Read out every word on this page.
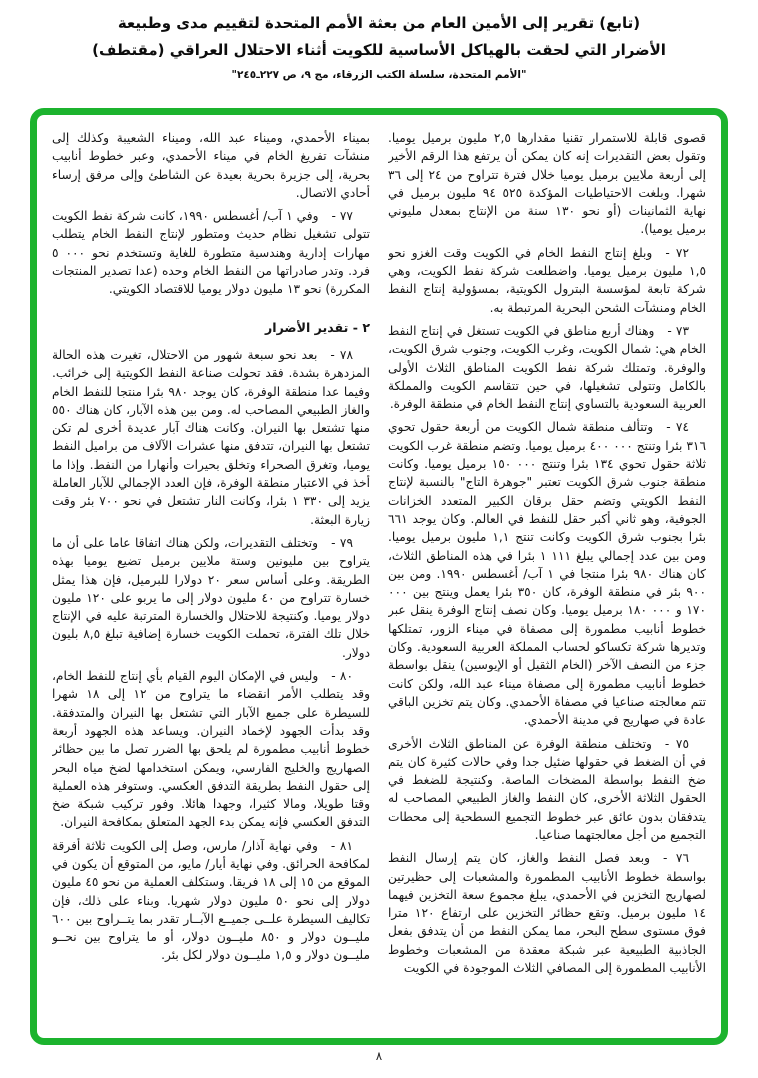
(تابع) تقرير إلى الأمين العام من بعثة الأمم المتحدة لتقييم مدى وطبيعة
الأضرار التي لحقت بالهياكل الأساسية للكويت أثناء الاحتلال العراقي (مقتطف)
"الأمم المتحدة، سلسلة الكتب الزرقاء، مج ٩، ص ٢٢٧ـ٢٤٥"

قصوى قابلة للاستمرار تقنيا مقدارها ٢,٥ مليون برميل يوميا. وتقول بعض التقديرات إنه كان يمكن أن يرتفع هذا الرقم الأخير إلى أربعة ملايين برميل يوميا خلال فترة تتراوح من ٢٤ إلى ٣٦ شهرا. وبلغت الاحتياطيات المؤكدة ٥٢٥ ٩٤ مليون برميل في نهاية الثمانينات (أو نحو ١٣٠ سنة من الإنتاج بمعدل مليوني برميل يوميا).

٧٢ -وبلغ إنتاج النفط الخام في الكويت وقت الغزو نحو ١,٥ مليون برميل يوميا. واضطلعت شركة نفط الكويت، وهي شركة تابعة لمؤسسة البترول الكويتية، بمسؤولية إنتاج النفط الخام ومنشآت الشحن البحرية المرتبطة به.

٧٣ -وهناك أربع مناطق في الكويت تستغل في إنتاج النفط الخام هي: شمال الكويت، وغرب الكويت، وجنوب شرق الكويت، والوفرة. وتمتلك شركة نفط الكويت المناطق الثلاث الأولى بالكامل وتتولى تشغيلها، في حين تتقاسم الكويت والمملكة العربية السعودية بالتساوي إنتاج النفط الخام في منطقة الوفرة.

٧٤ -وتتألف منطقة شمال الكويت من أربعة حقول تحوي ٣١٦ بئرا وتنتج ٠٠٠ ٤٠٠ برميل يوميا. وتضم منطقة غرب الكويت ثلاثة حقول تحوي ١٣٤ بئرا وتنتج ٠٠٠ ١٥٠ برميل يوميا. وكانت منطقة جنوب شرق الكويت تعتبر "جوهرة التاج" بالنسبة لإنتاج النفط الكويتي وتضم حقل برقان الكبير المتعدد الخزانات الجوفية، وهو ثاني أكبر حقل للنفط في العالم. وكان يوجد ٦٦١ بئرا بجنوب شرق الكويت وكانت تنتج ١,١ مليون برميل يوميا. ومن بين عدد إجمالي يبلغ ١١١ ١ بئرا في هذه المناطق الثلاث، كان هناك ٩٨٠ بئرا منتجا في ١ آب/ أغسطس ١٩٩٠. ومن بين ٩٠٠ بئر في منطقة الوفرة، كان ٣٥٠ بئرا يعمل وينتج بين ٠٠٠ ١٧٠ و ٠٠٠ ١٨٠ برميل يوميا. وكان نصف إنتاج الوفرة ينقل عبر خطوط أنابيب مطمورة إلى مصفاة في ميناء الزور، تمتلكها وتديرها شركة تكساكو لحساب المملكة العربية السعودية. وكان جزء من النصف الآخر (الخام الثقيل أو الإيوسين) ينقل بواسطة خطوط أنابيب مطمورة إلى مصفاة ميناء عبد الله، ولكن كانت تتم معالجته صناعيا في مصفاة الأحمدي. وكان يتم تخزين الباقي عادة في صهاريج في مدينة الأحمدي.

٧٥ -وتختلف منطقة الوفرة عن المناطق الثلاث الأخرى في أن الضغط في حقولها ضئيل جدا وفي حالات كثيرة كان يتم ضخ النفط بواسطة المضخات الماصة. وكنتيجة للضغط في الحقول الثلاثة الأخرى، كان النفط والغاز الطبيعي المصاحب له يتدفقان بدون عائق عبر خطوط التجميع السطحية إلى محطات التجميع من أجل معالجتهما صناعيا.

٧٦ -وبعد فصل النفط والغاز، كان يتم إرسال النفط بواسطة خطوط الأنابيب المطمورة والمشعبات إلى حظيرتين لصهاريج التخزين في الأحمدي، يبلغ مجموع سعة التخزين فيهما ١٤ مليون برميل. وتقع حظائر التخزين على ارتفاع ١٢٠ مترا فوق مستوى سطح البحر، مما يمكن النفط من أن يتدفق بفعل الجاذبية الطبيعية عبر شبكة معقدة من المشعبات وخطوط الأنابيب المطمورة إلى المصافي الثلاث الموجودة في الكويت

بميناء الأحمدي، وميناء عبد الله، وميناء الشعيبة وكذلك إلى منشآت تفريغ الخام في ميناء الأحمدي، وعبر خطوط أنابيب بحرية، إلى جزيرة بحرية بعيدة عن الشاطئ وإلى مرفق إرساء أحادي الاتصال.

٧٧ -وفي ١ آب/ أغسطس ١٩٩٠، كانت شركة نفط الكويت تتولى تشغيل نظام حديث ومتطور لإنتاج النفط الخام يتطلب مهارات إدارية وهندسية متطورة للغاية وتستخدم نحو ٠٠٠ ٥ فرد. وتدر صادراتها من النفط الخام وحده (عدا تصدير المنتجات المكررة) نحو ١٣ مليون دولار يوميا للاقتصاد الكويتي.

٢ - تقدير الأضرار

٧٨ -بعد نحو سبعة شهور من الاحتلال، تغيرت هذه الحالة المزدهرة بشدة. فقد تحولت صناعة النفط الكويتية إلى خرائب. وفيما عدا منطقة الوفرة، كان يوجد ٩٨٠ بئرا منتجا للنفط الخام والغاز الطبيعي المصاحب له. ومن بين هذه الآبار، كان هناك ٥٥٠ منها تشتعل بها النيران. وكانت هناك آبار عديدة أخرى لم تكن تشتعل بها النيران، تتدفق منها عشرات الآلاف من براميل النفط يوميا، وتغرق الصحراء وتخلق بحيرات وأنهارا من النفط. وإذا ما أخذ في الاعتبار منطقة الوفرة، فإن العدد الإجمالي للآبار العاملة يزيد إلى ٣٣٠ ١ بئرا، وكانت النار تشتعل في نحو ٧٠٠ بئر وقت زيارة البعثة.

٧٩ -وتختلف التقديرات، ولكن هناك اتفاقا عاما على أن ما يتراوح بين مليونين وستة ملايين برميل تضيع يوميا بهذه الطريقة. وعلى أساس سعر ٢٠ دولارا للبرميل، فإن هذا يمثل خسارة تتراوح من ٤٠ مليون دولار إلى ما يربو على ١٢٠ مليون دولار يوميا. وكنتيجة للاحتلال والخسارة المترتبة عليه في الإنتاج خلال تلك الفترة، تحملت الكويت خسارة إضافية تبلغ ٨,٥ بليون دولار.

٨٠ -وليس في الإمكان اليوم القيام بأي إنتاج للنفط الخام، وقد يتطلب الأمر انقضاء ما يتراوح من ١٢ إلى ١٨ شهرا للسيطرة على جميع الآبار التي تشتعل بها النيران والمتدفقة. وقد بدأت الجهود لإخماد النيران. ويساعد هذه الجهود أربعة خطوط أنابيب مطمورة لم يلحق بها الضرر تصل ما بين حظائر الصهاريج والخليج الفارسي، ويمكن استخدامها لضخ مياه البحر إلى حقول النفط بطريقة التدفق العكسي. وستوفر هذه العملية وقتا طويلا، ومالا كثيرا، وجهدا هائلا. وفور تركيب شبكة ضخ التدفق العكسي فإنه يمكن بدء الجهد المتعلق بمكافحة النيران.

٨١ -وفي نهاية آذار/ مارس، وصل إلى الكويت ثلاثة أفرقة لمكافحة الحرائق. وفي نهاية أيار/ مايو، من المتوقع أن يكون في الموقع من ١٥ إلى ١٨ فريقا. وستكلف العملية من نحو ٤٥ مليون دولار إلى نحو ٥٠ مليون دولار شهريا. وبناء على ذلك، فإن تكاليف السيطرة علــى جميــع الآبــار تقدر بما يتــراوح بين ٦٠٠ مليــون دولار و ٨٥٠ مليــون دولار، أو ما يتراوح بين نحــو مليــون دولار و ١,٥ مليــون دولار لكل بئر.

٨
